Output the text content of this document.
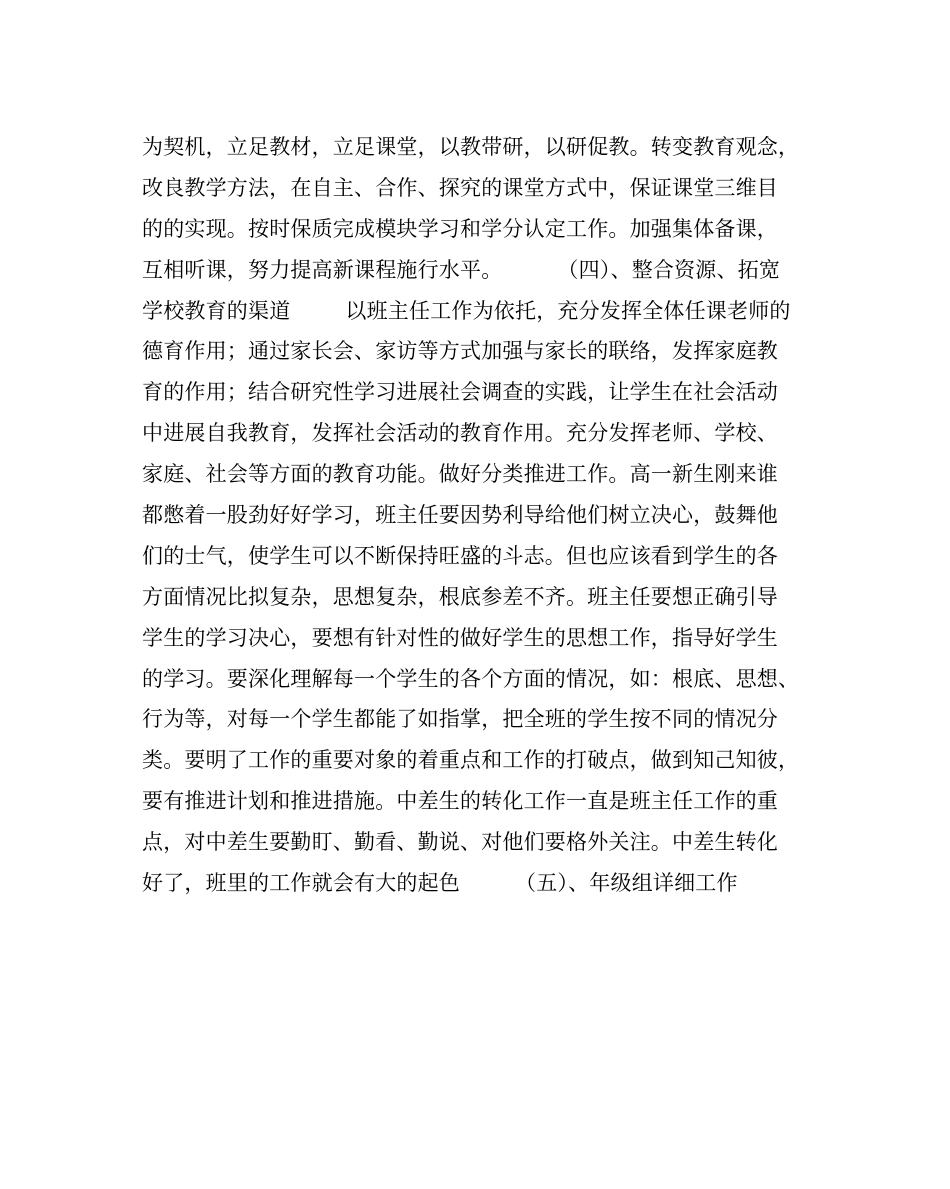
为契机，立足教材，立足课堂，以教带研，以研促教。转变教育观念，
改良教学方法，在自主、合作、探究的课堂方式中，保证课堂三维目
的的实现。按时保质完成模块学习和学分认定工作。加强集体备课，
互相听课，努力提高新课程施行水平。        （四）、整合资源、拓宽
学校教育的渠道        以班主任工作为依托，充分发挥全体任课老师的
德育作用；通过家长会、家访等方式加强与家长的联络，发挥家庭教
育的作用；结合研究性学习进展社会调查的实践，让学生在社会活动
中进展自我教育，发挥社会活动的教育作用。充分发挥老师、学校、
家庭、社会等方面的教育功能。做好分类推进工作。高一新生刚来谁
都憋着一股劲好好学习，班主任要因势利导给他们树立决心，鼓舞他
们的士气，使学生可以不断保持旺盛的斗志。但也应该看到学生的各
方面情况比拟复杂，思想复杂，根底参差不齐。班主任要想正确引导
学生的学习决心，要想有针对性的做好学生的思想工作，指导好学生
的学习。要深化理解每一个学生的各个方面的情况，如：根底、思想、
行为等，对每一个学生都能了如指掌，把全班的学生按不同的情况分
类。要明了工作的重要对象的着重点和工作的打破点，做到知己知彼，
要有推进计划和推进措施。中差生的转化工作一直是班主任工作的重
点，对中差生要勤盯、勤看、勤说、对他们要格外关注。中差生转化
好了，班里的工作就会有大的起色        （五）、年级组详细工作
